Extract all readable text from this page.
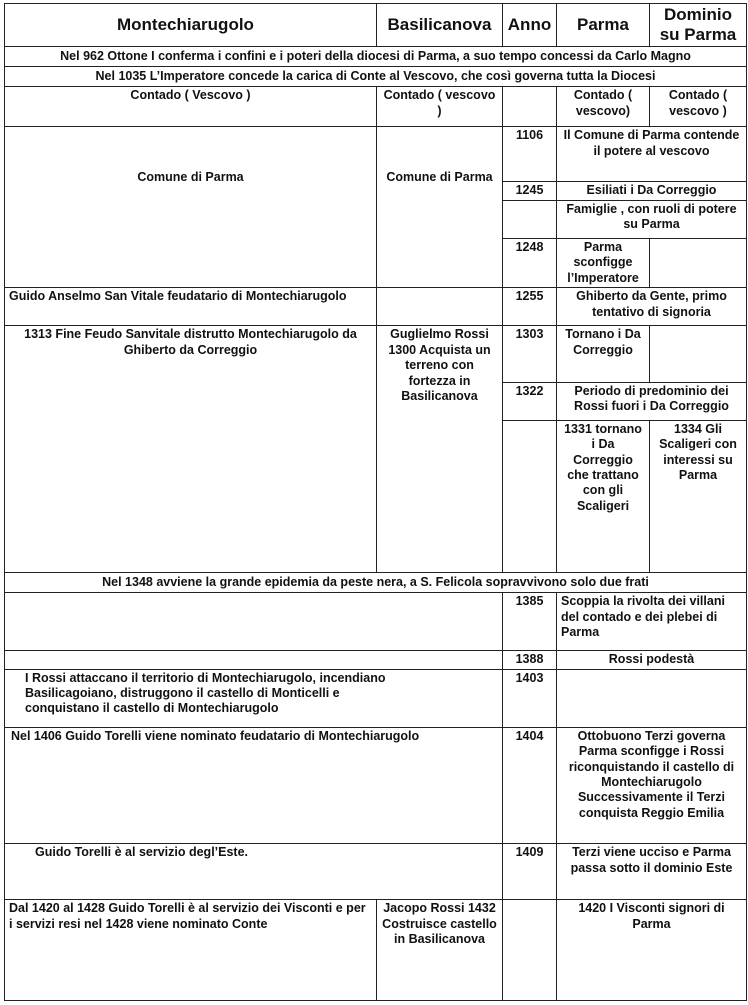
Montechiarugolo	Basilicanova	Anno	Parma	Dominio su Parma
Nel 962 Ottone I conferma i confini e i poteri della diocesi di Parma, a suo tempo concessi da Carlo Magno				
Nel 1035 L’Imperatore concede la carica di Conte al Vescovo, che così governa tutta la Diocesi				
Contado ( Vescovo )	Contado ( vescovo )		Contado ( vescovo)	Contado ( vescovo )
Comune di Parma	Comune di Parma	1106	Il Comune di Parma contende il potere al vescovo	
		1245	Esiliati i Da Correggio	
			Famiglie , con ruoli di potere su Parma	
		1248	Parma sconfigge l’Imperatore	
Guido Anselmo San Vitale feudatario di Montechiarugolo		1255	Ghiberto da Gente, primo tentativo di signoria	
1313 Fine Feudo Sanvitale distrutto Montechiarugolo da Ghiberto da Correggio	Guglielmo Rossi 1300 Acquista un terreno con fortezza in Basilicanova	1303	Tornano i Da Correggio	
		1322	Periodo di predominio dei Rossi fuori i Da Correggio	
			1331 tornano i Da Correggio che trattano con gli Scaligeri	1334 Gli Scaligeri con interessi su Parma
Nel 1348 avviene la grande epidemia da peste nera, a S. Felicola sopravvivono solo due frati				
		1385	Scoppia la rivolta dei villani del contado e dei plebei di Parma	
		1388	Rossi podestà	
I Rossi attaccano il territorio di Montechiarugolo, incendiano Basilicagoiano, distruggono il castello di Monticelli e conquistano il castello di Montechiarugolo		1403		
Nel 1406 Guido Torelli viene nominato feudatario di Montechiarugolo		1404	Ottobuono Terzi governa Parma sconfigge i Rossi riconquistando il castello di Montechiarugolo Successivamente il Terzi conquista Reggio Emilia	
Guido Torelli è al servizio degl’Este.		1409	Terzi viene ucciso e Parma passa sotto il dominio Este	
Dal 1420 al 1428 Guido Torelli è al servizio dei Visconti e per i servizi resi nel 1428 viene nominato Conte	Jacopo Rossi 1432 Costruisce castello in Basilicanova		1420 I Visconti signori di Parma	
